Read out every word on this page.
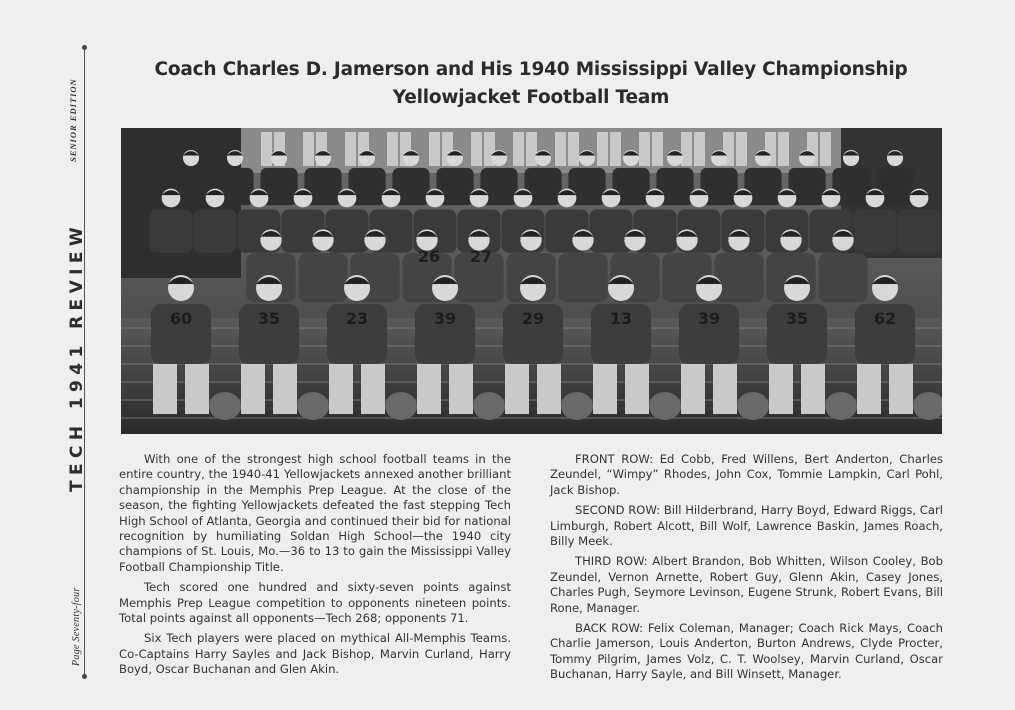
SENIOR EDITION
TECH 1941 REVIEW
Page Seventy-four
Coach Charles D. Jamerson and His 1940 Mississippi Valley Championship
Yellowjacket Football Team
60	35	23	39	29	13	39	35	62
26 27

With one of the strongest high school football teams in the entire country, the 1940-41 Yellowjackets annexed another brilliant championship in the Memphis Prep League. At the close of the season, the fighting Yellowjackets defeated the fast stepping Tech High School of Atlanta, Georgia and continued their bid for national recognition by humiliating Soldan High School—the 1940 city champions of St. Louis, Mo.—36 to 13 to gain the Mississippi Valley Football Championship Title.

Tech scored one hundred and sixty-seven points against Memphis Prep League competition to opponents nineteen points. Total points against all opponents—Tech 268; opponents 71.

Six Tech players were placed on mythical All-Memphis Teams. Co-Captains Harry Sayles and Jack Bishop, Marvin Curland, Harry Boyd, Oscar Buchanan and Glen Akin.

FRONT ROW: Ed Cobb, Fred Willens, Bert Anderton, Charles Zeundel, “Wimpy” Rhodes, John Cox, Tommie Lampkin, Carl Pohl, Jack Bishop.

SECOND ROW: Bill Hilderbrand, Harry Boyd, Edward Riggs, Carl Limburgh, Robert Alcott, Bill Wolf, Lawrence Baskin, James Roach, Billy Meek.

THIRD ROW: Albert Brandon, Bob Whitten, Wilson Cooley, Bob Zeundel, Vernon Arnette, Robert Guy, Glenn Akin, Casey Jones, Charles Pugh, Seymore Levinson, Eugene Strunk, Robert Evans, Bill Rone, Manager.

BACK ROW: Felix Coleman, Manager; Coach Rick Mays, Coach Charlie Jamerson, Louis Anderton, Burton Andrews, Clyde Procter, Tommy Pilgrim, James Volz, C. T. Woolsey, Marvin Curland, Oscar Buchanan, Harry Sayle, and Bill Winsett, Manager.
